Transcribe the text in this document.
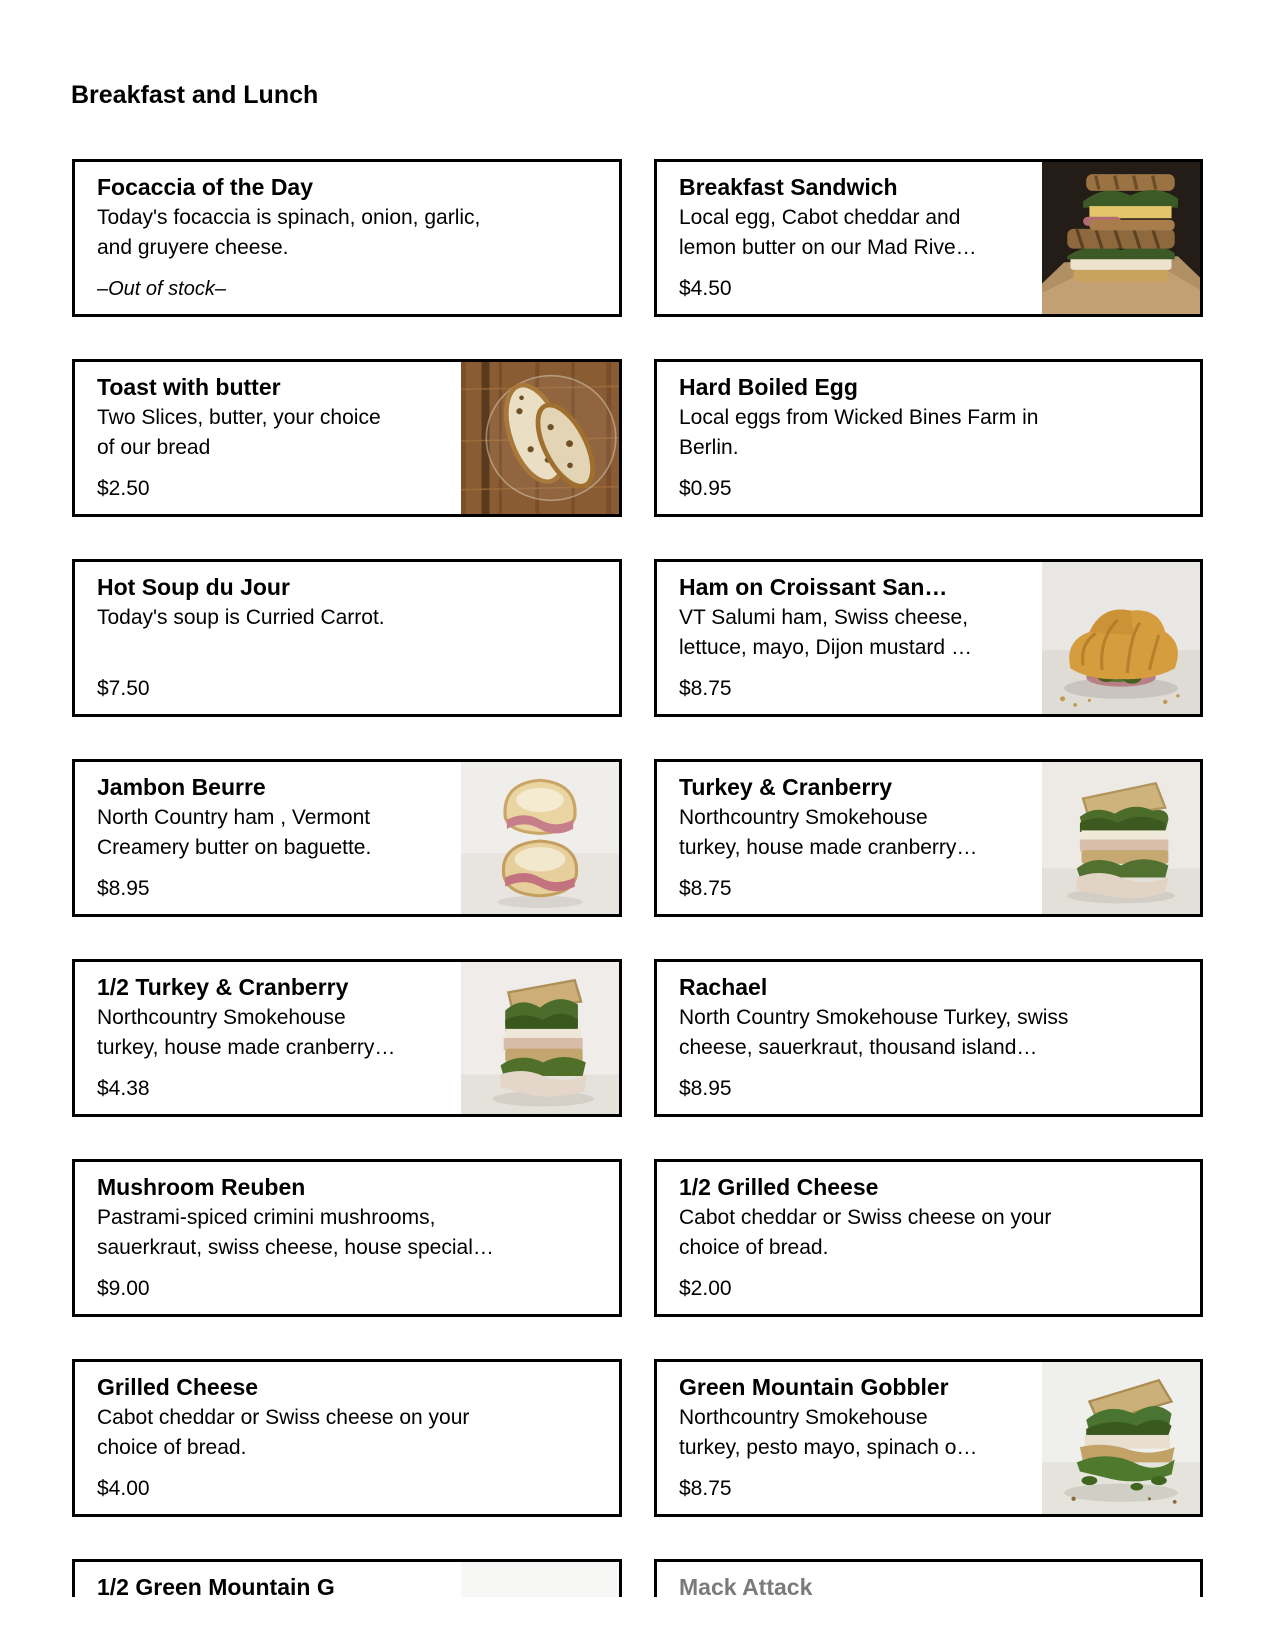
Breakfast and Lunch
Focaccia of the Day

Today's focaccia is spinach, onion, garlic,
and gruyere cheese.

–Out of stock–

Breakfast Sandwich

Local egg, Cabot cheddar and
lemon butter on our Mad Rive…

$4.50

Toast with butter

Two Slices, butter, your choice
of our bread

$2.50

Hard Boiled Egg

Local eggs from Wicked Bines Farm in
Berlin.

$0.95

Hot Soup du Jour

Today's soup is Curried Carrot.

$7.50

Ham on Croissant San…

VT Salumi ham, Swiss cheese,
lettuce, mayo, Dijon mustard …

$8.75

Jambon Beurre

North Country ham , Vermont
Creamery butter on baguette.

$8.95

Turkey & Cranberry

Northcountry Smokehouse
turkey, house made cranberry…

$8.75

1/2 Turkey & Cranberry

Northcountry Smokehouse
turkey, house made cranberry…

$4.38

Rachael

North Country Smokehouse Turkey, swiss
cheese, sauerkraut, thousand island…

$8.95

Mushroom Reuben

Pastrami-spiced crimini mushrooms,
sauerkraut, swiss cheese, house special…

$9.00

1/2 Grilled Cheese

Cabot cheddar or Swiss cheese on your
choice of bread.

$2.00

Grilled Cheese

Cabot cheddar or Swiss cheese on your
choice of bread.

$4.00

Green Mountain Gobbler

Northcountry Smokehouse
turkey, pesto mayo, spinach o…

$8.75

1/2 Green Mountain G	Mack Attack
